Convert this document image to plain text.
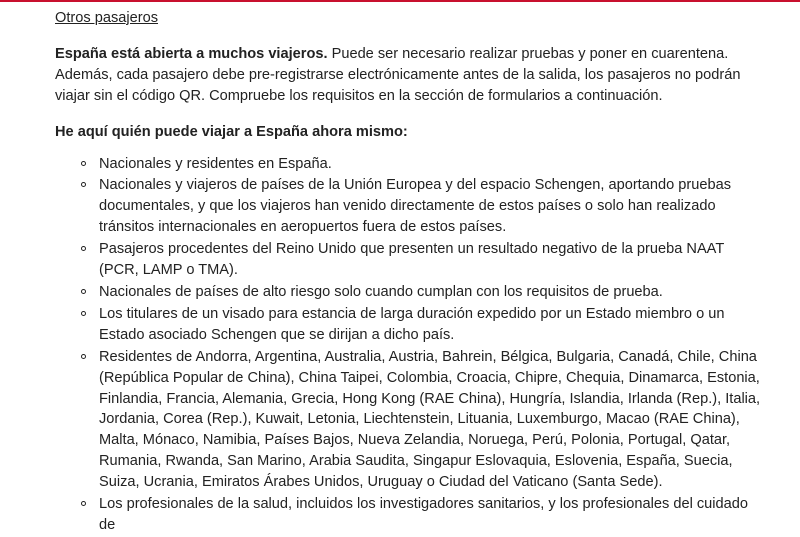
Otros pasajeros

España está abierta a muchos viajeros. Puede ser necesario realizar pruebas y poner en cuarentena. Además, cada pasajero debe pre-registrarse electrónicamente antes de la salida, los pasajeros no podrán viajar sin el código QR. Compruebe los requisitos en la sección de formularios a continuación.

He aquí quién puede viajar a España ahora mismo:
Nacionales y residentes en España.
Nacionales y viajeros de países de la Unión Europea y del espacio Schengen, aportando pruebas documentales, y que los viajeros han venido directamente de estos países o solo han realizado tránsitos internacionales en aeropuertos fuera de estos países.
Pasajeros procedentes del Reino Unido que presenten un resultado negativo de la prueba NAAT (PCR, LAMP o TMA).
Nacionales de países de alto riesgo solo cuando cumplan con los requisitos de prueba.
Los titulares de un visado para estancia de larga duración expedido por un Estado miembro o un Estado asociado Schengen que se dirijan a dicho país.
Residentes de Andorra, Argentina, Australia, Austria, Bahrein, Bélgica, Bulgaria, Canadá, Chile, China (República Popular de China), China Taipei, Colombia, Croacia, Chipre, Chequia, Dinamarca, Estonia, Finlandia, Francia, Alemania, Grecia, Hong Kong (RAE China), Hungría, Islandia, Irlanda (Rep.), Italia, Jordania, Corea (Rep.), Kuwait, Letonia, Liechtenstein, Lituania, Luxemburgo, Macao (RAE China), Malta, Mónaco, Namibia, Países Bajos, Nueva Zelandia, Noruega, Perú, Polonia, Portugal, Qatar, Rumania, Rwanda, San Marino, Arabia Saudita, Singapur Eslovaquia, Eslovenia, España, Suecia, Suiza, Ucrania, Emiratos Árabes Unidos, Uruguay o Ciudad del Vaticano (Santa Sede).
Los profesionales de la salud, incluidos los investigadores sanitarios, y los profesionales del cuidado de
